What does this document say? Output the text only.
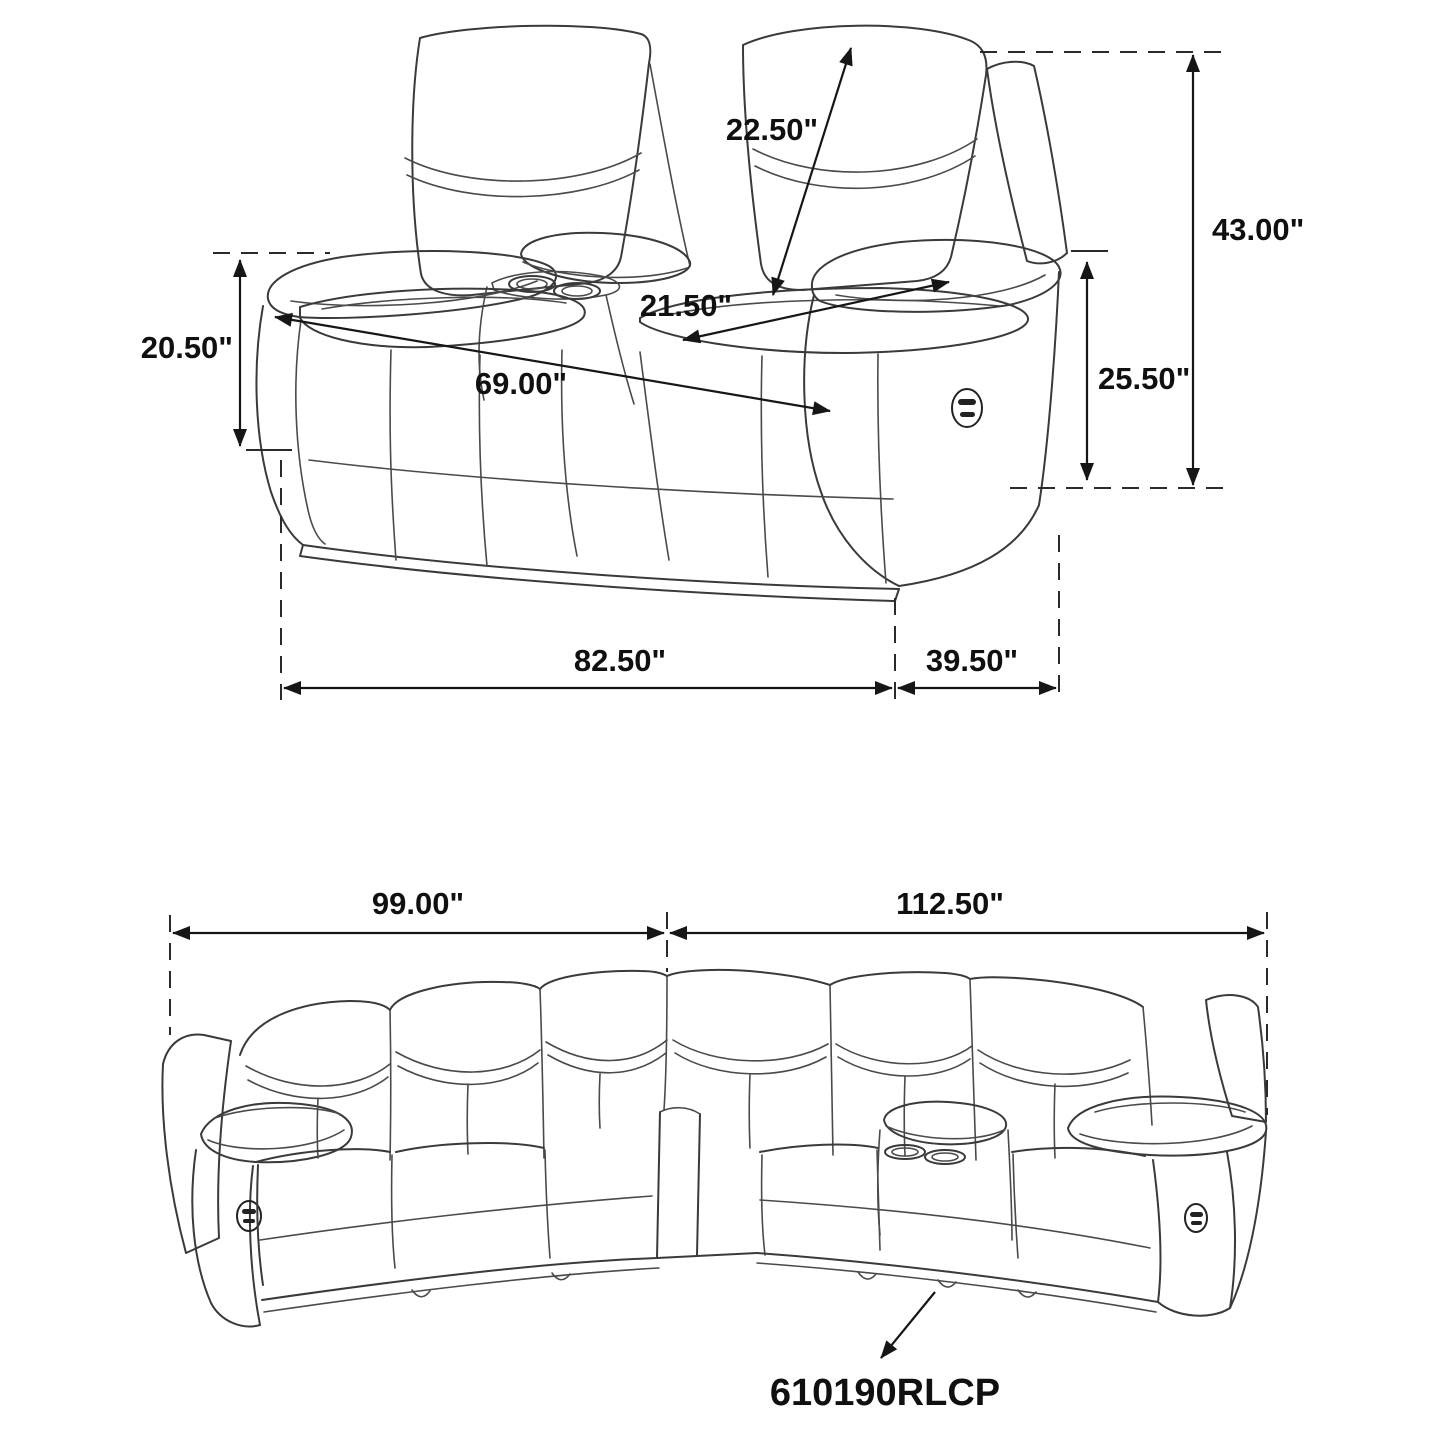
22.50"
43.00"
20.50"
21.50"
25.50"
69.00"
82.50"	39.50"
99.00"	112.50"
610190RLCP
